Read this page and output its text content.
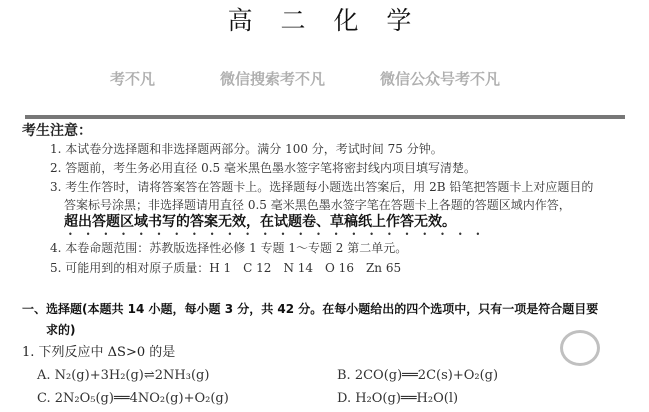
高 二 化 学
考不凡	微信搜索考不凡	微信公众号考不凡
考生注意：
1. 本试卷分选择题和非选择题两部分。满分 100 分，考试时间 75 分钟。
2. 答题前，考生务必用直径 0.5 毫米黑色墨水签字笔将密封线内项目填写清楚。
3. 考生作答时，请将答案答在答题卡上。选择题每小题选出答案后，用 2B 铅笔把答题卡上对应题目的
答案标号涂黑；非选择题请用直径 0.5 毫米黑色墨水签字笔在答题卡上各题的答题区域内作答，
超出答题区域书写的答案无效，在试题卷、草稿纸上作答无效。
••••••••••••••••••••••••
4. 本卷命题范围：苏教版选择性必修 1 专题 1～专题 2 第二单元。
5. 可能用到的相对原子质量：H 1　C 12　N 14　O 16　Zn 65
一、选择题(本题共 14 小题，每小题 3 分，共 42 分。在每小题给出的四个选项中，只有一项是符合题目要
求的)
1. 下列反应中 ΔS>0 的是
A. N₂(g)+3H₂(g)⇌2NH₃(g)	B. 2CO(g)══2C(s)+O₂(g)
C. 2N₂O₅(g)══4NO₂(g)+O₂(g)	D. H₂O(g)══H₂O(l)
